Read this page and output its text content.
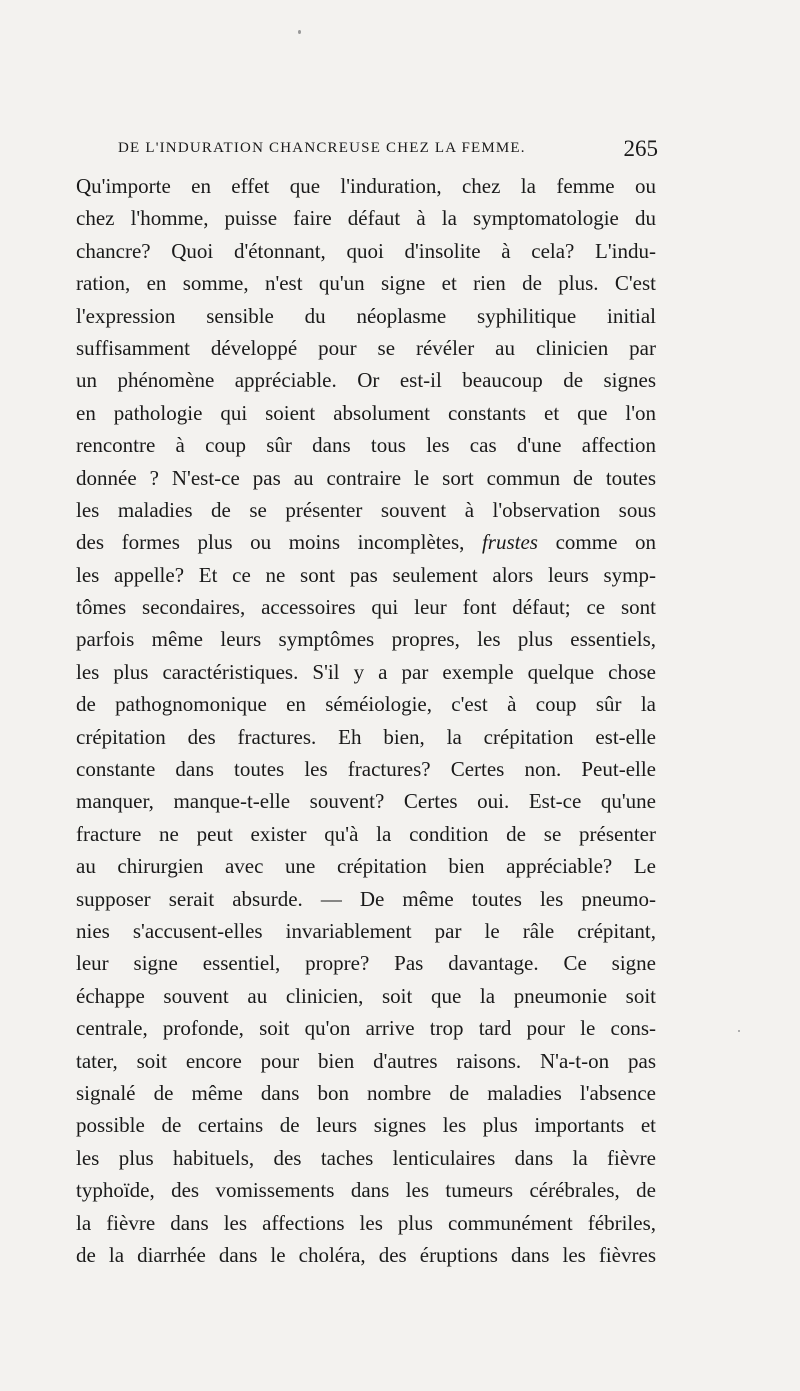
DE L'INDURATION CHANCREUSE CHEZ LA FEMME.	265
Qu'importe en effet que l'induration, chez la femme ou
chez l'homme, puisse faire défaut à la symptomatologie du
chancre? Quoi d'étonnant, quoi d'insolite à cela? L'indu-
ration, en somme, n'est qu'un signe et rien de plus. C'est
l'expression sensible du néoplasme syphilitique initial
suffisamment développé pour se révéler au clinicien par
un phénomène appréciable. Or est-il beaucoup de signes
en pathologie qui soient absolument constants et que l'on
rencontre à coup sûr dans tous les cas d'une affection
donnée ? N'est-ce pas au contraire le sort commun de toutes
les maladies de se présenter souvent à l'observation sous
des formes plus ou moins incomplètes, frustes comme on
les appelle? Et ce ne sont pas seulement alors leurs symp-
tômes secondaires, accessoires qui leur font défaut; ce sont
parfois même leurs symptômes propres, les plus essentiels,
les plus caractéristiques. S'il y a par exemple quelque chose
de pathognomonique en séméiologie, c'est à coup sûr la
crépitation des fractures. Eh bien, la crépitation est-elle
constante dans toutes les fractures? Certes non. Peut-elle
manquer, manque-t-elle souvent? Certes oui. Est-ce qu'une
fracture ne peut exister qu'à la condition de se présenter
au chirurgien avec une crépitation bien appréciable? Le
supposer serait absurde. — De même toutes les pneumo-
nies s'accusent-elles invariablement par le râle crépitant,
leur signe essentiel, propre? Pas davantage. Ce signe
échappe souvent au clinicien, soit que la pneumonie soit
centrale, profonde, soit qu'on arrive trop tard pour le cons-
tater, soit encore pour bien d'autres raisons. N'a-t-on pas
signalé de même dans bon nombre de maladies l'absence
possible de certains de leurs signes les plus importants et
les plus habituels, des taches lenticulaires dans la fièvre
typhoïde, des vomissements dans les tumeurs cérébrales, de
la fièvre dans les affections les plus communément fébriles,
de la diarrhée dans le choléra, des éruptions dans les fièvres
